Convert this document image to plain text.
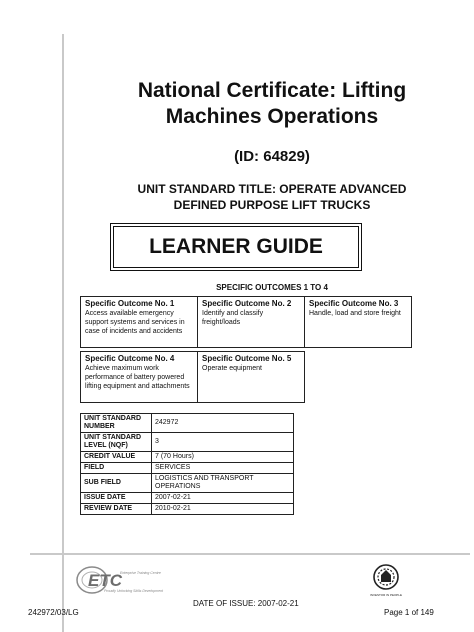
National Certificate: Lifting
Machines Operations
(ID: 64829)
UNIT STANDARD TITLE: OPERATE ADVANCED
DEFINED PURPOSE LIFT TRUCKS
LEARNER GUIDE
SPECIFIC OUTCOMES 1 TO 4
Specific Outcome No. 1
Access available emergency support systems and services in case of incidents and accidents
Specific Outcome No. 2
Identify and classify freight/loads
Specific Outcome No. 3
Handle, load and store freight
Specific Outcome No. 4
Achieve maximum work performance of battery powered lifting equipment and attachments
Specific Outcome No. 5
Operate equipment
UNIT STANDARD NUMBER	242972
UNIT STANDARD LEVEL (NQF)	3
CREDIT VALUE	7 (70 Hours)
FIELD	SERVICES
SUB FIELD	LOGISTICS AND TRANSPORT OPERATIONS
ISSUE DATE	2007-02-21
REVIEW DATE	2010-02-21
ETC
Enterprise Training Centre
Proudly Unlocking Skills Development
INVESTOR IN PEOPLE
242972/03/LG
DATE OF ISSUE: 2007-02-21
Page 1 of 149
